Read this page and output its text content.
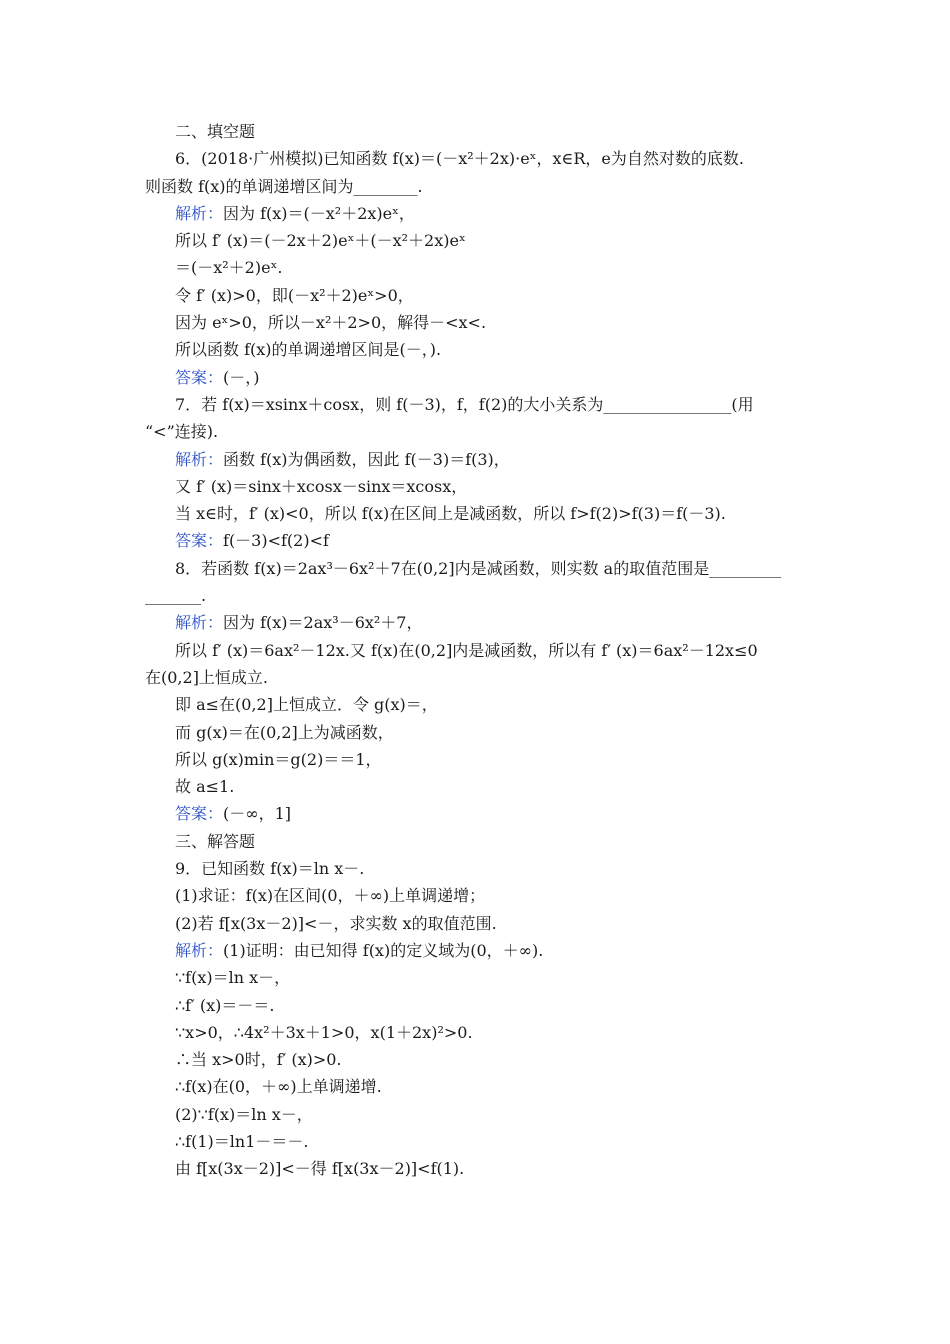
二、填空题
6．(2018·广州模拟)已知函数 f(x)＝(－x²＋2x)·eˣ，x∈R，e为自然对数的底数.
则函数 f(x)的单调递增区间为________.
解析：因为 f(x)＝(－x²＋2x)eˣ，
所以 f′ (x)＝(－2x＋2)eˣ＋(－x²＋2x)eˣ
＝(－x²＋2)eˣ.
令 f′ (x)>0，即(－x²＋2)eˣ>0，
因为 eˣ>0，所以－x²＋2>0，解得－<x<.
所以函数 f(x)的单调递增区间是(－，).
答案：(－，)
7．若 f(x)＝xsinx＋cosx，则 f(－3)，f，f(2)的大小关系为________________(用
“<”连接).
解析：函数 f(x)为偶函数，因此 f(－3)＝f(3)，
又 f′ (x)＝sinx＋xcosx－sinx＝xcosx，
当 x∈时，f′ (x)<0，所以 f(x)在区间上是减函数，所以 f>f(2)>f(3)＝f(－3).
答案：f(－3)<f(2)<f
8．若函数 f(x)＝2ax³－6x²＋7在(0,2]内是减函数，则实数 a的取值范围是_________
_______.
解析：因为 f(x)＝2ax³－6x²＋7，
所以 f′ (x)＝6ax²－12x.又 f(x)在(0,2]内是减函数，所以有 f′ (x)＝6ax²－12x≤0
在(0,2]上恒成立.
即 a≤在(0,2]上恒成立．令 g(x)＝，
而 g(x)＝在(0,2]上为减函数，
所以 g(x)min＝g(2)＝＝1，
故 a≤1.
答案：(－∞，1]
三、解答题
9．已知函数 f(x)＝ln x－.
(1)求证：f(x)在区间(0，＋∞)上单调递增；
(2)若 f[x(3x－2)]<－，求实数 x的取值范围.
解析：(1)证明：由已知得 f(x)的定义域为(0，＋∞).
∵f(x)＝ln x－，
∴f′ (x)＝－＝.
∵x>0，∴4x²＋3x＋1>0，x(1＋2x)²>0.
∴当 x>0时，f′ (x)>0.
∴f(x)在(0，＋∞)上单调递增.
(2)∵f(x)＝ln x－，
∴f(1)＝ln1－＝－.
由 f[x(3x－2)]<－得 f[x(3x－2)]<f(1).
